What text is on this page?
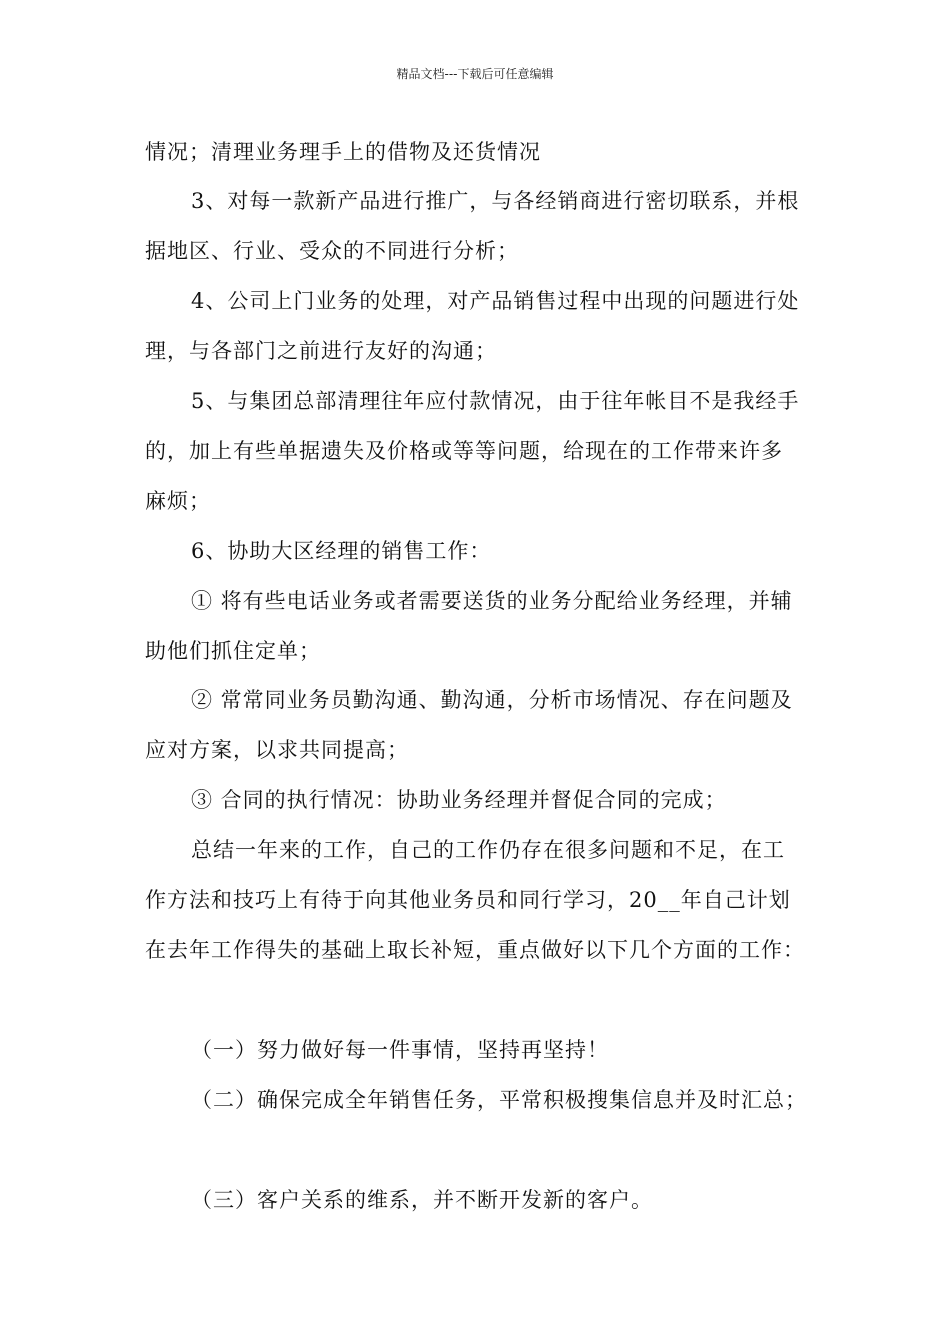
精品文档---下载后可任意编辑
情况；清理业务理手上的借物及还货情况
3、对每一款新产品进行推广，与各经销商进行密切联系，并根
据地区、行业、受众的不同进行分析；
4、公司上门业务的处理，对产品销售过程中出现的问题进行处
理，与各部门之前进行友好的沟通；
5、与集团总部清理往年应付款情况，由于往年帐目不是我经手
的，加上有些单据遗失及价格或等等问题，给现在的工作带来许多
麻烦；
6、协助大区经理的销售工作：
① 将有些电话业务或者需要送货的业务分配给业务经理，并辅
助他们抓住定单；
② 常常同业务员勤沟通、勤沟通，分析市场情况、存在问题及
应对方案，以求共同提高；
③ 合同的执行情况：协助业务经理并督促合同的完成；
总结一年来的工作，自己的工作仍存在很多问题和不足，在工
作方法和技巧上有待于向其他业务员和同行学习，20__年自己计划
在去年工作得失的基础上取长补短，重点做好以下几个方面的工作：
（一）努力做好每一件事情，坚持再坚持！
（二）确保完成全年销售任务，平常积极搜集信息并及时汇总；
（三）客户关系的维系，并不断开发新的客户。
